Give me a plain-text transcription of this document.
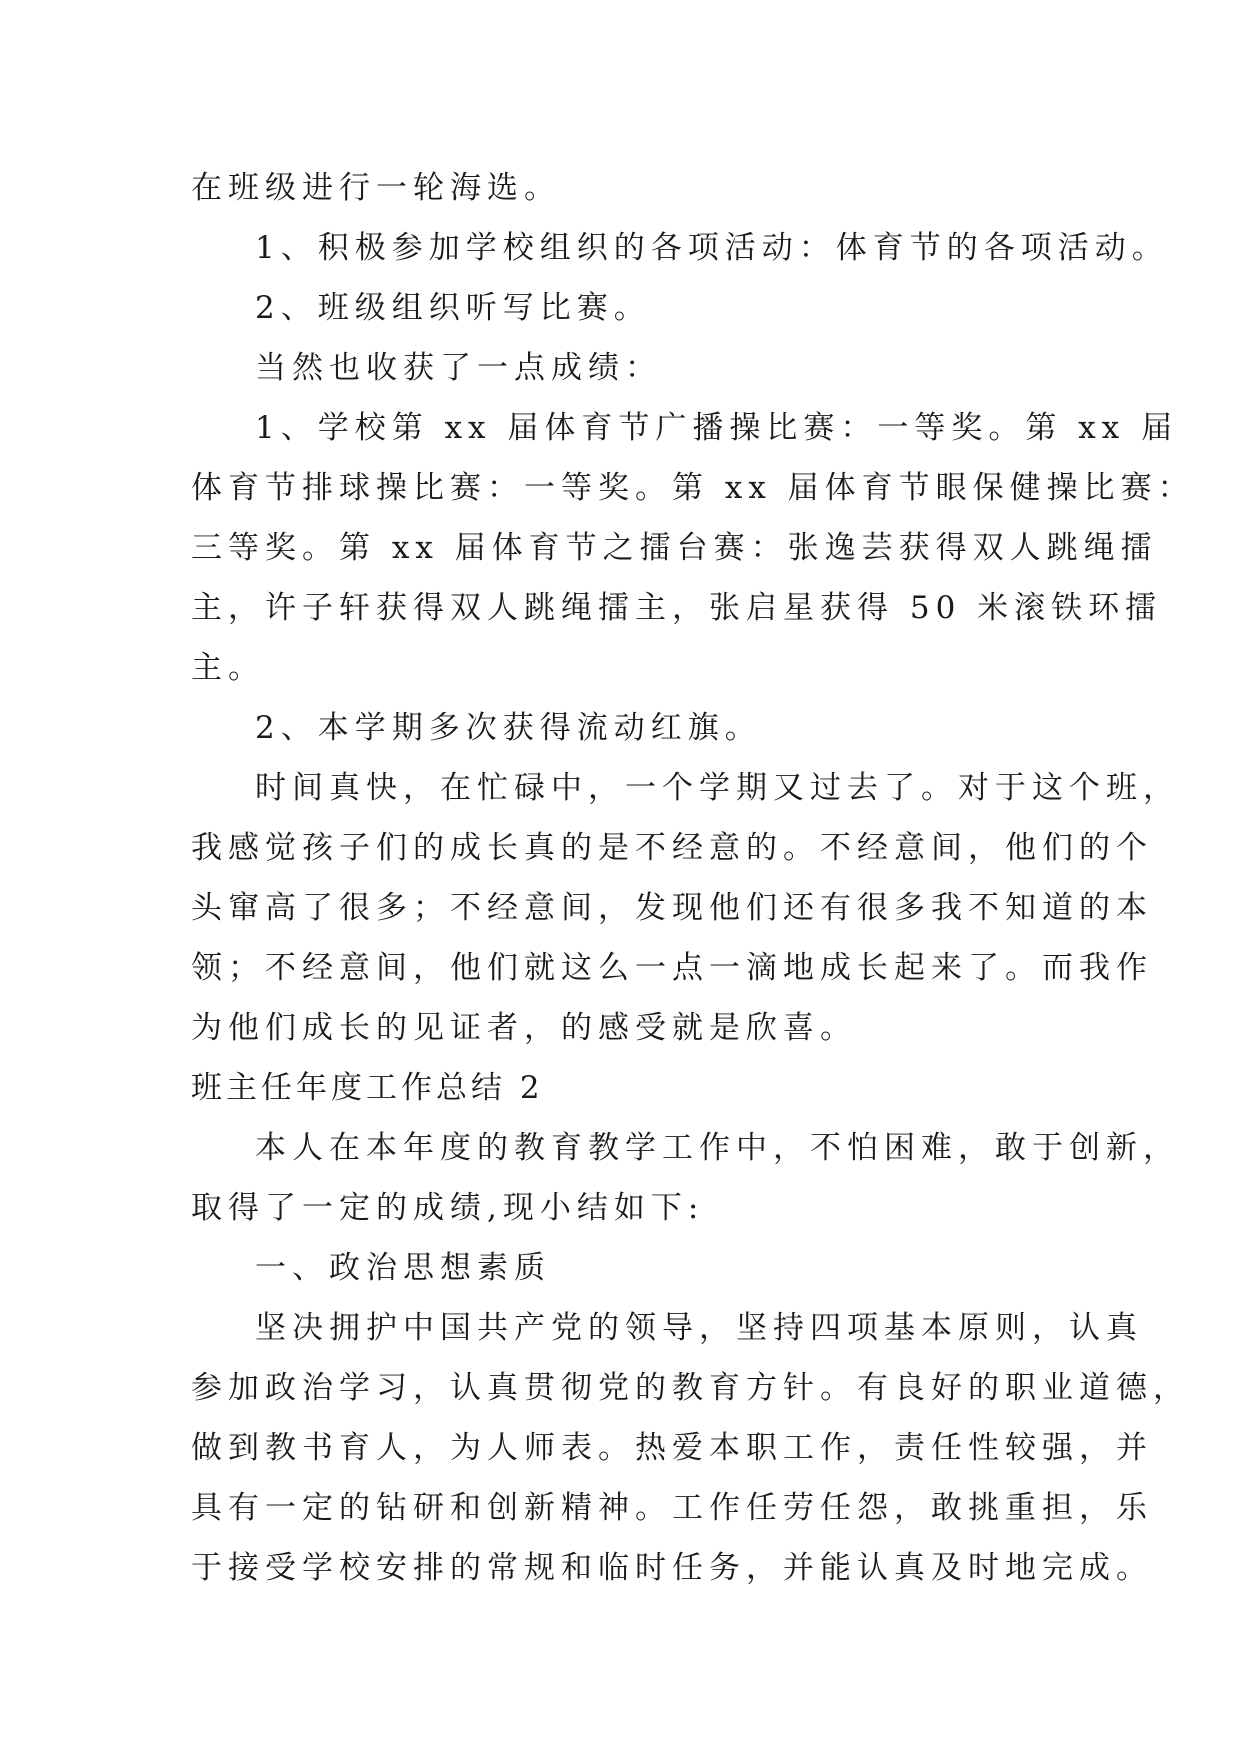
在班级进行一轮海选。
1、积极参加学校组织的各项活动：体育节的各项活动。
2、班级组织听写比赛。
当然也收获了一点成绩：
1、学校第 xx 届体育节广播操比赛：一等奖。第 xx 届
体育节排球操比赛：一等奖。第 xx 届体育节眼保健操比赛：
三等奖。第 xx 届体育节之擂台赛：张逸芸获得双人跳绳擂
主，许子轩获得双人跳绳擂主，张启星获得 50 米滚铁环擂
主。
2、本学期多次获得流动红旗。
时间真快，在忙碌中，一个学期又过去了。对于这个班，
我感觉孩子们的成长真的是不经意的。不经意间，他们的个
头窜高了很多；不经意间，发现他们还有很多我不知道的本
领；不经意间，他们就这么一点一滴地成长起来了。而我作
为他们成长的见证者，的感受就是欣喜。
班主任年度工作总结 2
本人在本年度的教育教学工作中，不怕困难，敢于创新，
取得了一定的成绩,现小结如下:
一、政治思想素质
坚决拥护中国共产党的领导，坚持四项基本原则，认真
参加政治学习，认真贯彻党的教育方针。有良好的职业道德，
做到教书育人，为人师表。热爱本职工作，责任性较强，并
具有一定的钻研和创新精神。工作任劳任怨，敢挑重担，乐
于接受学校安排的常规和临时任务，并能认真及时地完成。
